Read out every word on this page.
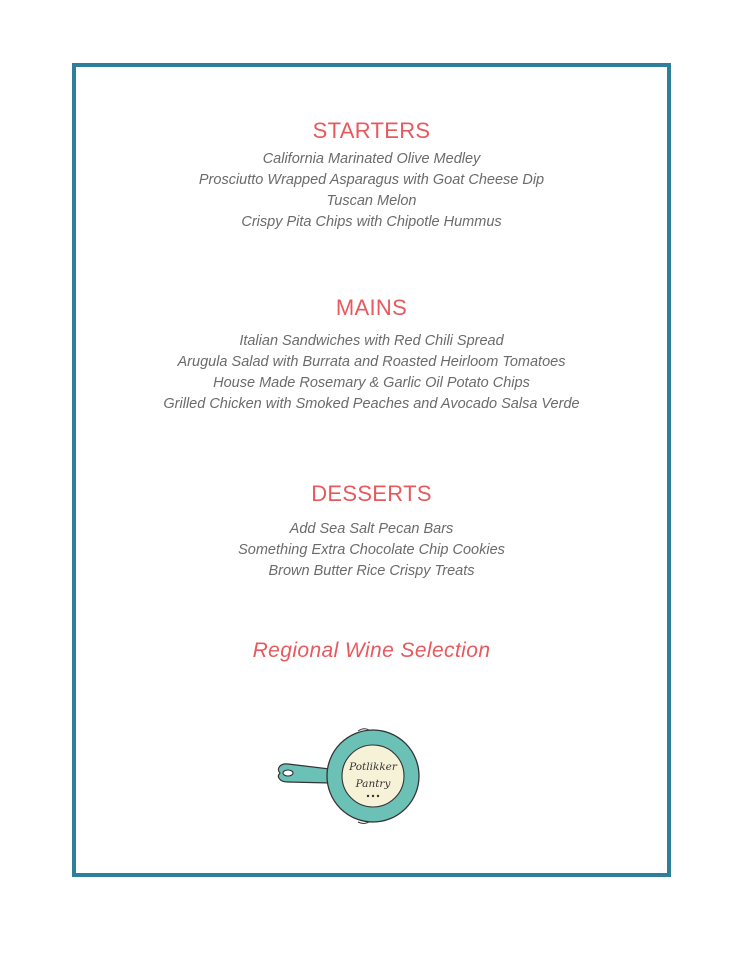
STARTERS
California Marinated Olive Medley
Prosciutto Wrapped Asparagus with Goat Cheese Dip
Tuscan Melon
Crispy Pita Chips with Chipotle Hummus
MAINS
Italian Sandwiches with Red Chili Spread
Arugula Salad with Burrata and Roasted Heirloom Tomatoes
House Made Rosemary & Garlic Oil Potato Chips
Grilled Chicken with Smoked Peaches and Avocado Salsa Verde
DESSERTS
Add Sea Salt Pecan Bars
Something Extra Chocolate Chip Cookies
Brown Butter Rice Crispy Treats
Regional Wine Selection
Potlikker
Pantry
